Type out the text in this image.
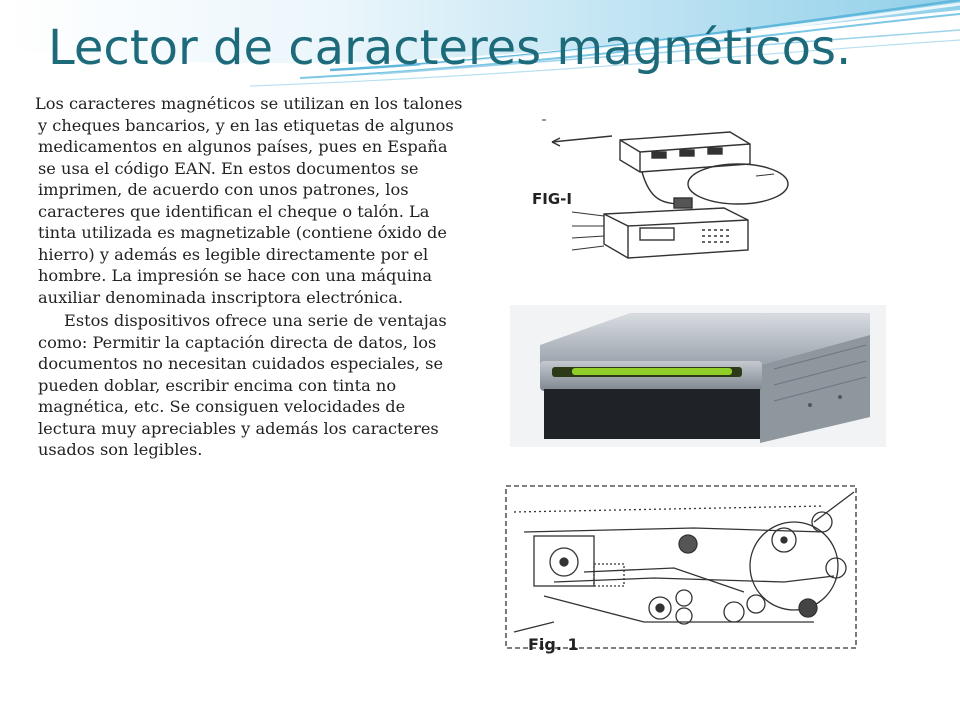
Lector de caracteres magnéticos.

Los caracteres magnéticos se utilizan en los talones y cheques bancarios, y en las etiquetas de algunos medicamentos en algunos países, pues en España se usa el código EAN. En estos documentos se imprimen, de acuerdo con unos patrones, los caracteres que identifican el cheque o talón. La tinta utilizada es magnetizable (contiene óxido de hierro) y además es legible directamente por el hombre. La impresión se hace con una máquina auxiliar denominada inscriptora electrónica.

Estos dispositivos ofrece una serie de ventajas como: Permitir la captación directa de datos, los documentos no necesitan cuidados especiales, se pueden doblar, escribir encima con tinta no magnética, etc. Se consiguen velocidades de lectura muy apreciables y además los caracteres usados son legibles.

FIG-I
Fig. 1
